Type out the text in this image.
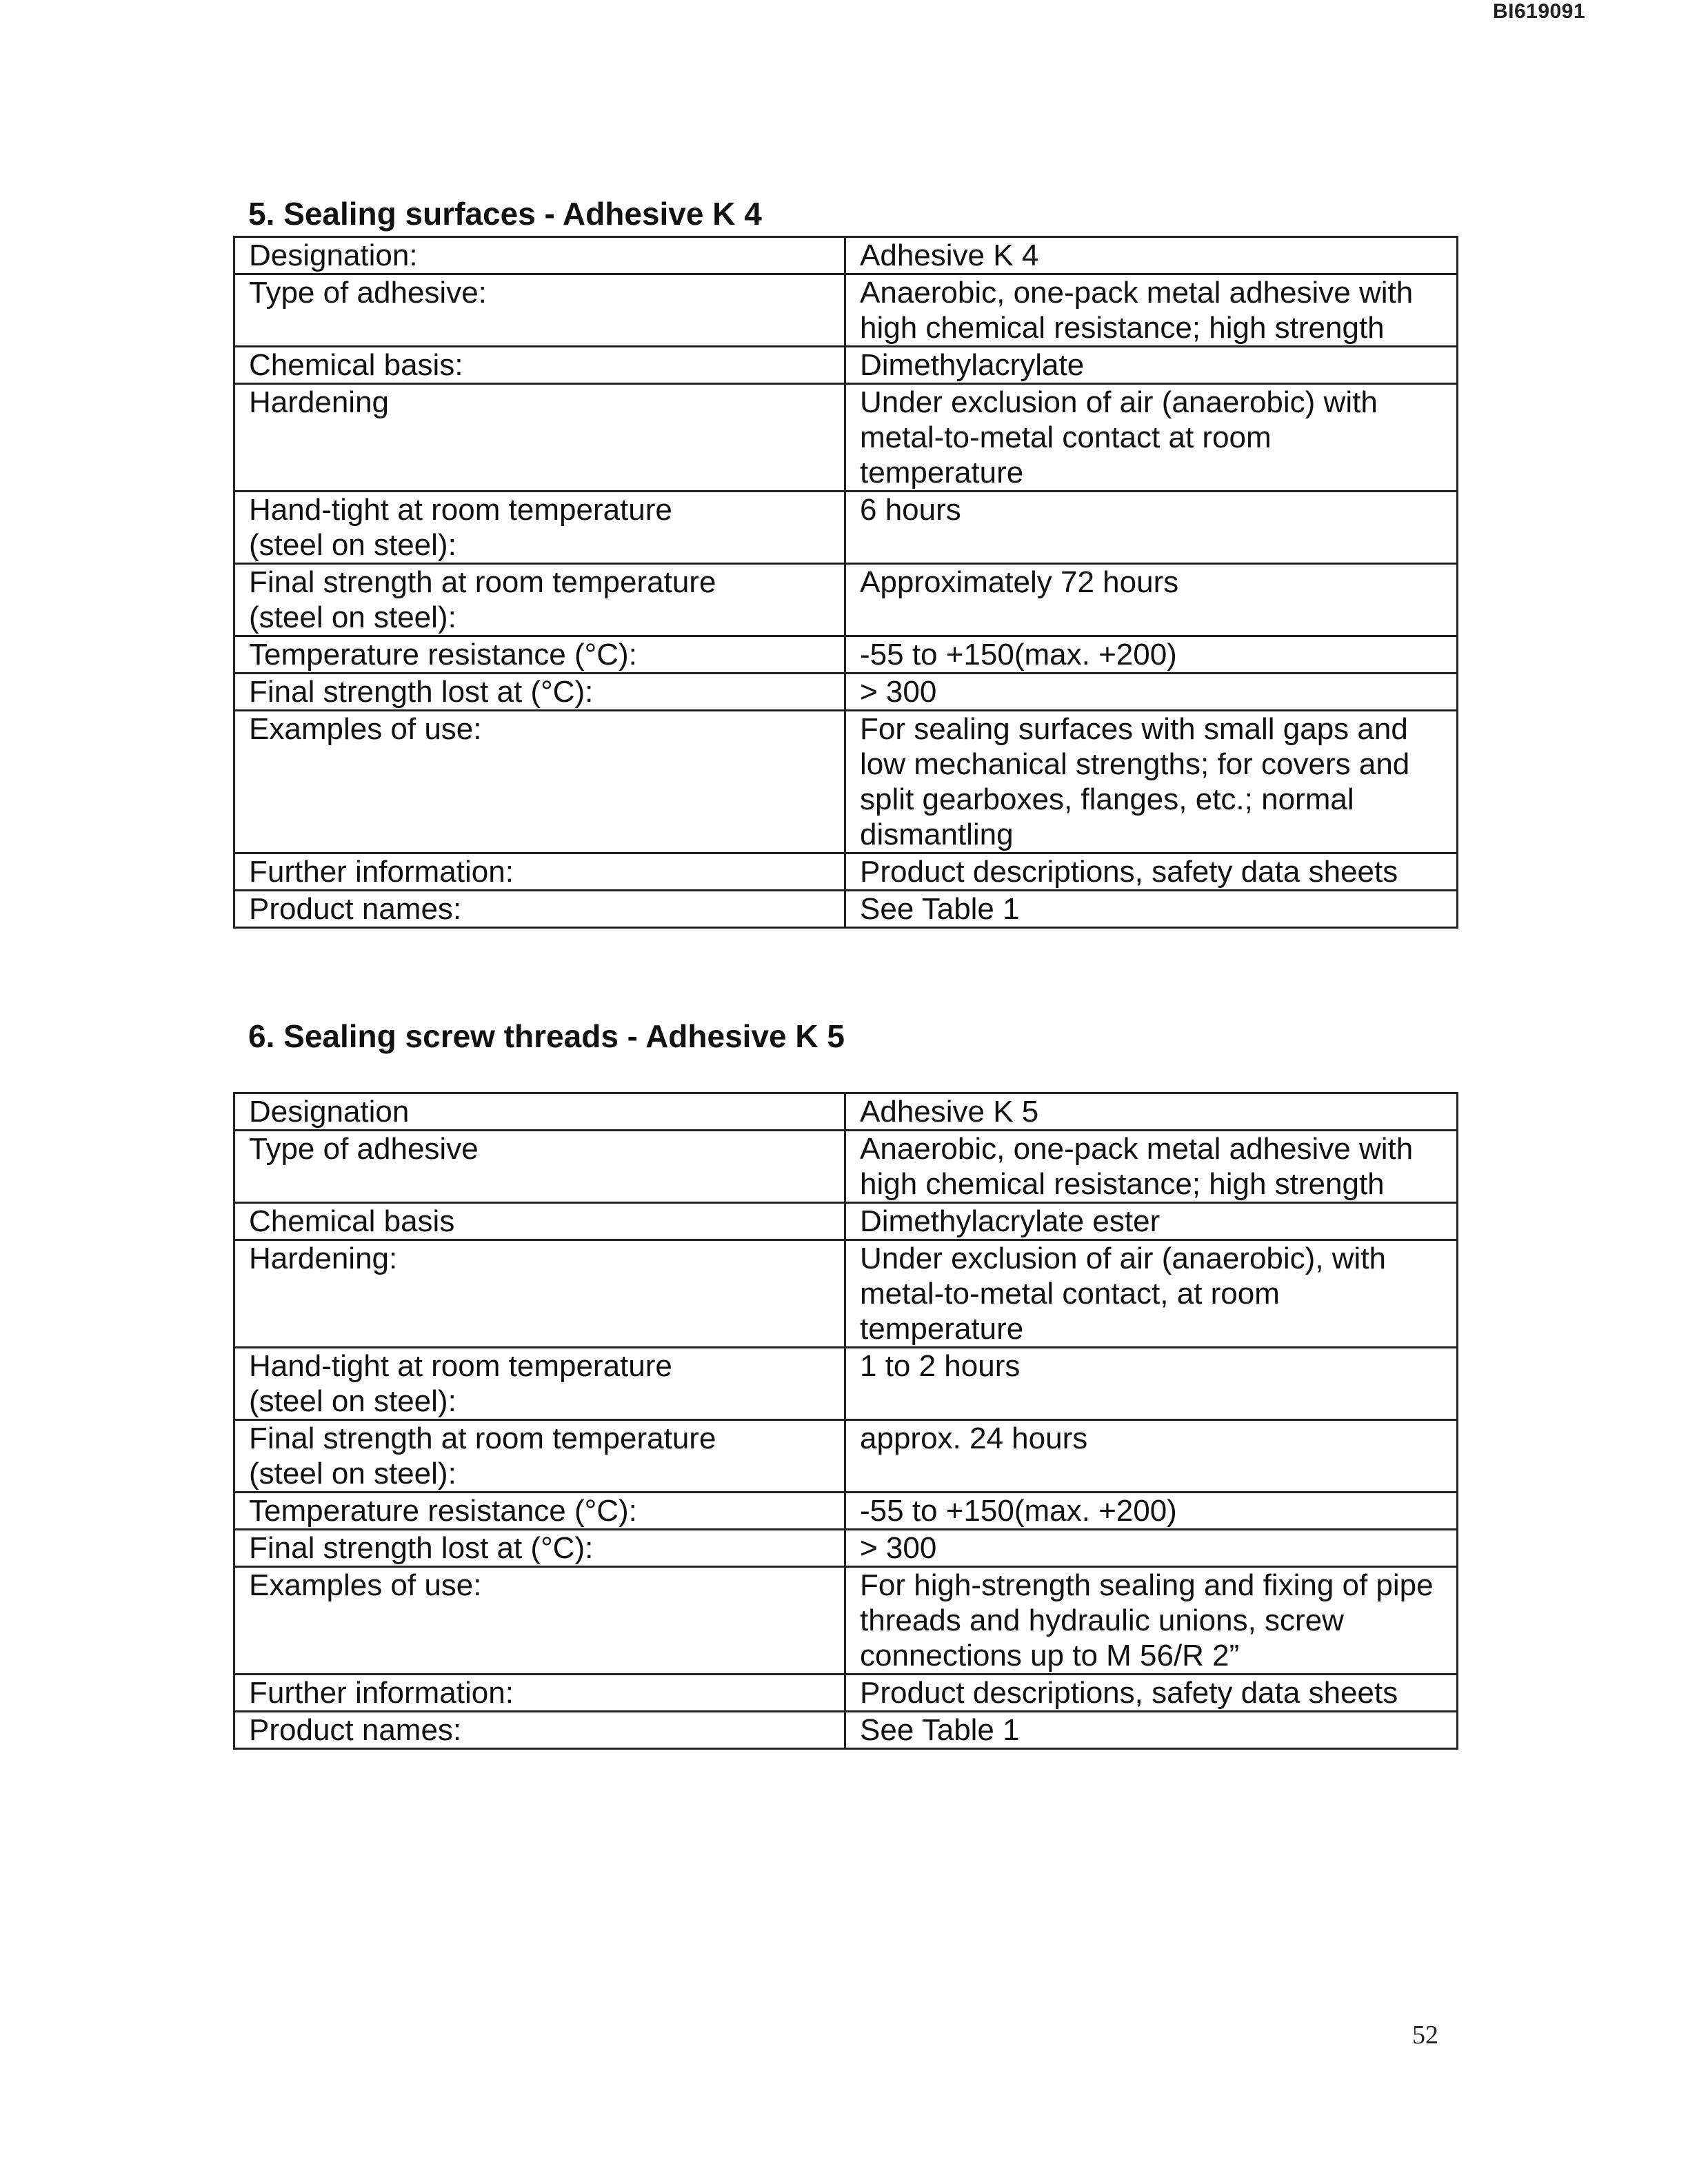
BI619091
5. Sealing surfaces - Adhesive K 4
Designation:	Adhesive K 4
Type of adhesive:	Anaerobic, one-pack metal adhesive with
high chemical resistance; high strength
Chemical basis:	Dimethylacrylate
Hardening	Under exclusion of air (anaerobic) with
metal-to-metal contact at room
temperature
Hand-tight at room temperature
(steel on steel):	6 hours
Final strength at room temperature
(steel on steel):	Approximately 72 hours
Temperature resistance (°C):	-55 to +150(max. +200)
Final strength lost at (°C):	> 300
Examples of use:	For sealing surfaces with small gaps and
low mechanical strengths; for covers and
split gearboxes, flanges, etc.; normal
dismantling
Further information:	Product descriptions, safety data sheets
Product names:	See Table 1
6. Sealing screw threads - Adhesive K 5
Designation	Adhesive K 5
Type of adhesive	Anaerobic, one-pack metal adhesive with
high chemical resistance; high strength
Chemical basis	Dimethylacrylate ester
Hardening:	Under exclusion of air (anaerobic), with
metal-to-metal contact, at room
temperature
Hand-tight at room temperature
(steel on steel):	1 to 2 hours
Final strength at room temperature
(steel on steel):	approx. 24 hours
Temperature resistance (°C):	-55 to +150(max. +200)
Final strength lost at (°C):	> 300
Examples of use:	For high-strength sealing and fixing of pipe
threads and hydraulic unions, screw
connections up to M 56/R 2”
Further information:	Product descriptions, safety data sheets
Product names:	See Table 1
52
